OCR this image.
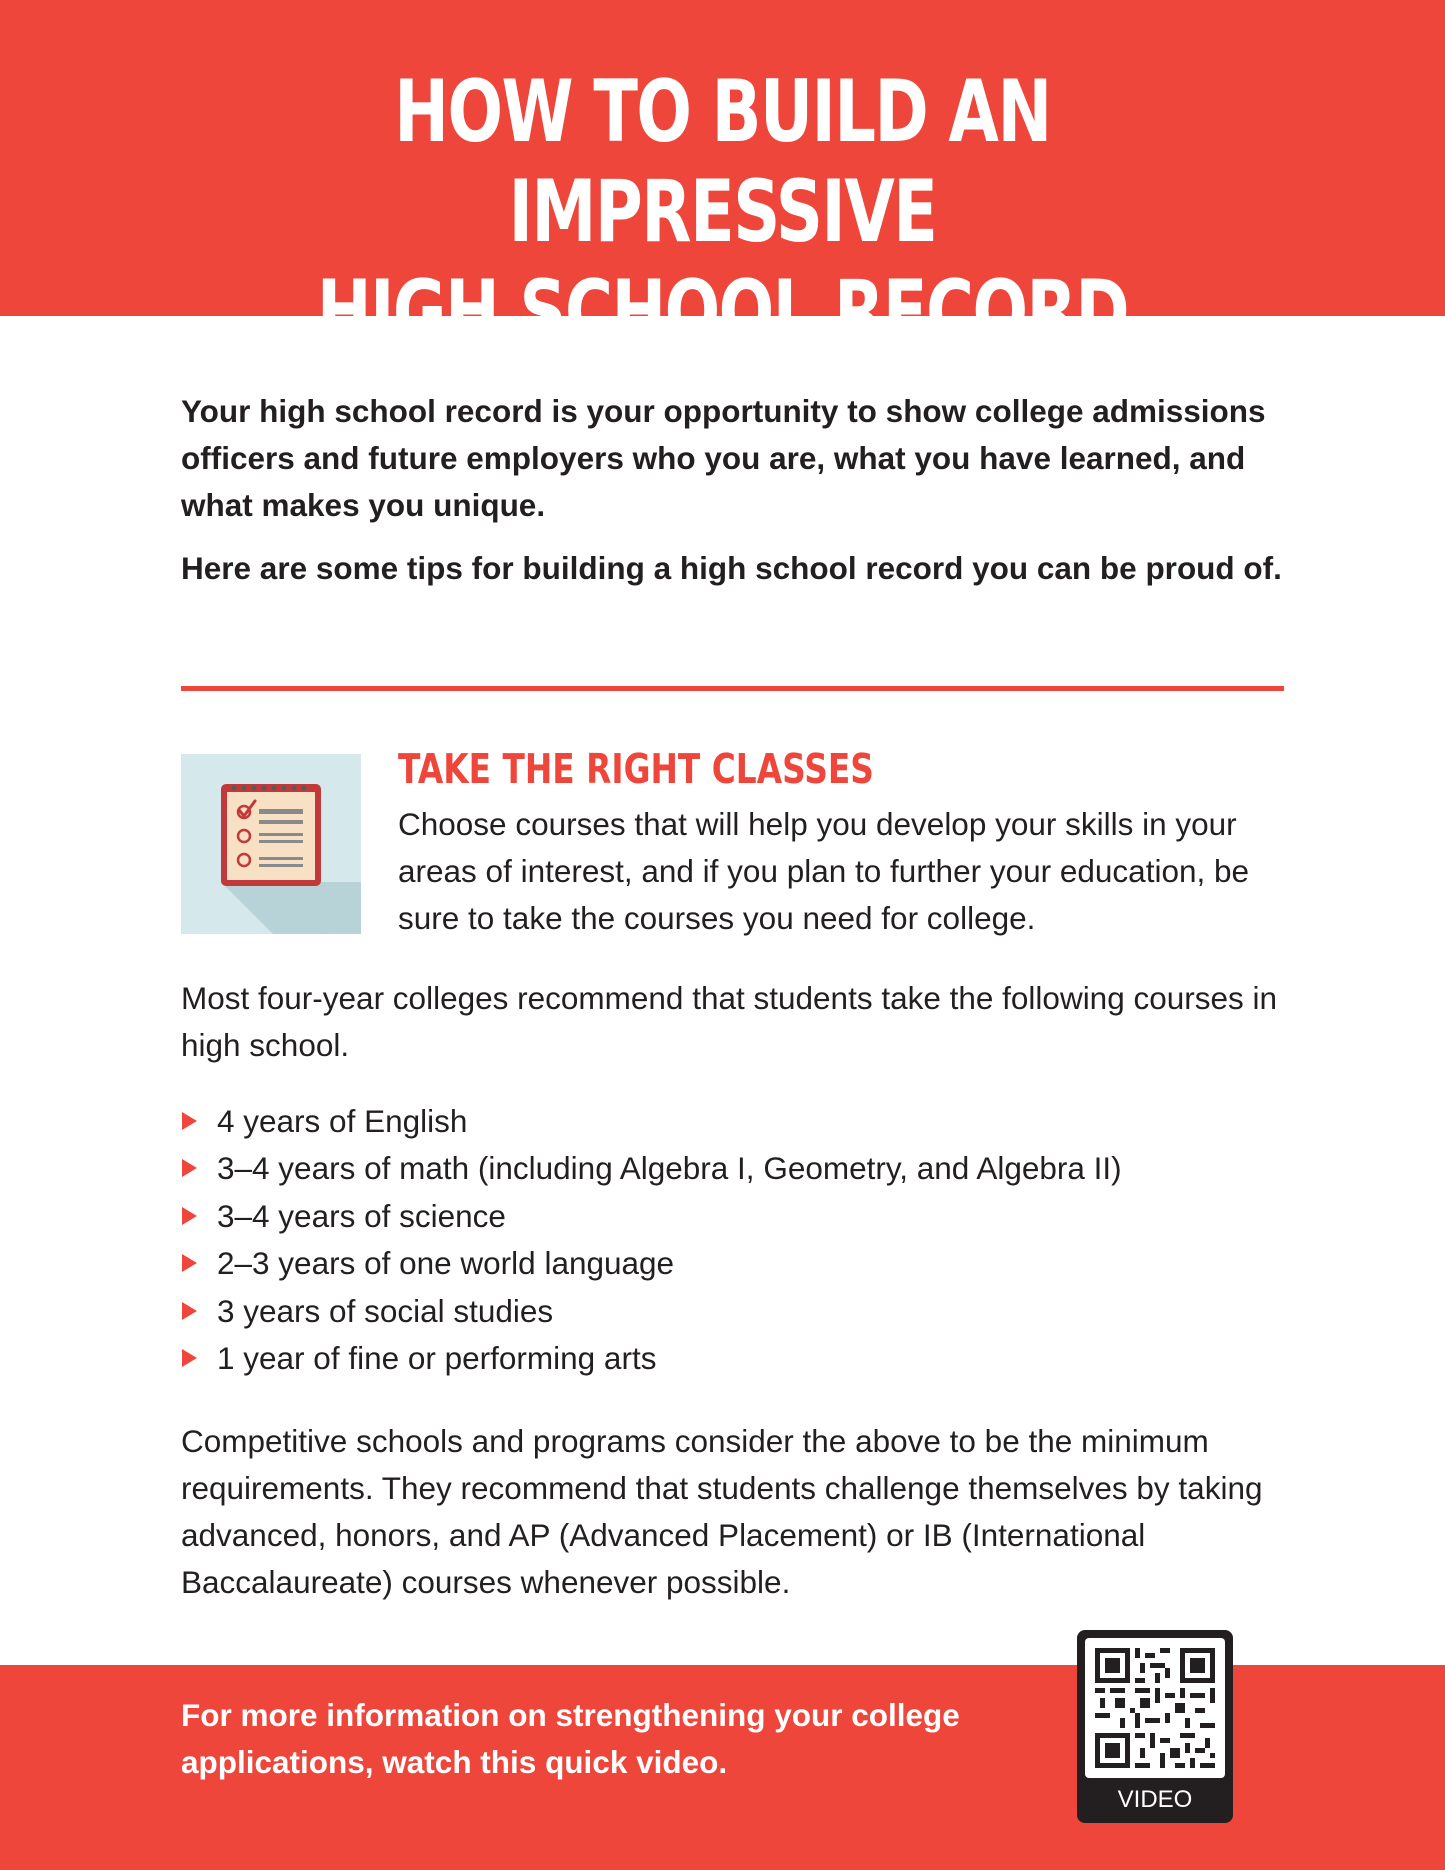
HOW TO BUILD AN IMPRESSIVE
HIGH SCHOOL RECORD

Your high school record is your opportunity to show college admissions officers and future employers who you are, what you have learned, and what makes you unique.

Here are some tips for building a high school record you can be proud of.

TAKE THE RIGHT CLASSES

Choose courses that will help you develop your skills in your areas of interest, and if you plan to further your education, be sure to take the courses you need for college.

Most four-year colleges recommend that students take the following courses in high school.

4 years of English
3–4 years of math (including Algebra I, Geometry, and Algebra II)
3–4 years of science
2–3 years of one world language
3 years of social studies
1 year of fine or performing arts

Competitive schools and programs consider the above to be the minimum requirements. They recommend that students challenge themselves by taking advanced, honors, and AP (Advanced Placement) or IB (International Baccalaureate) courses whenever possible.

For more information on strengthening your college applications, watch this quick video.

VIDEO
